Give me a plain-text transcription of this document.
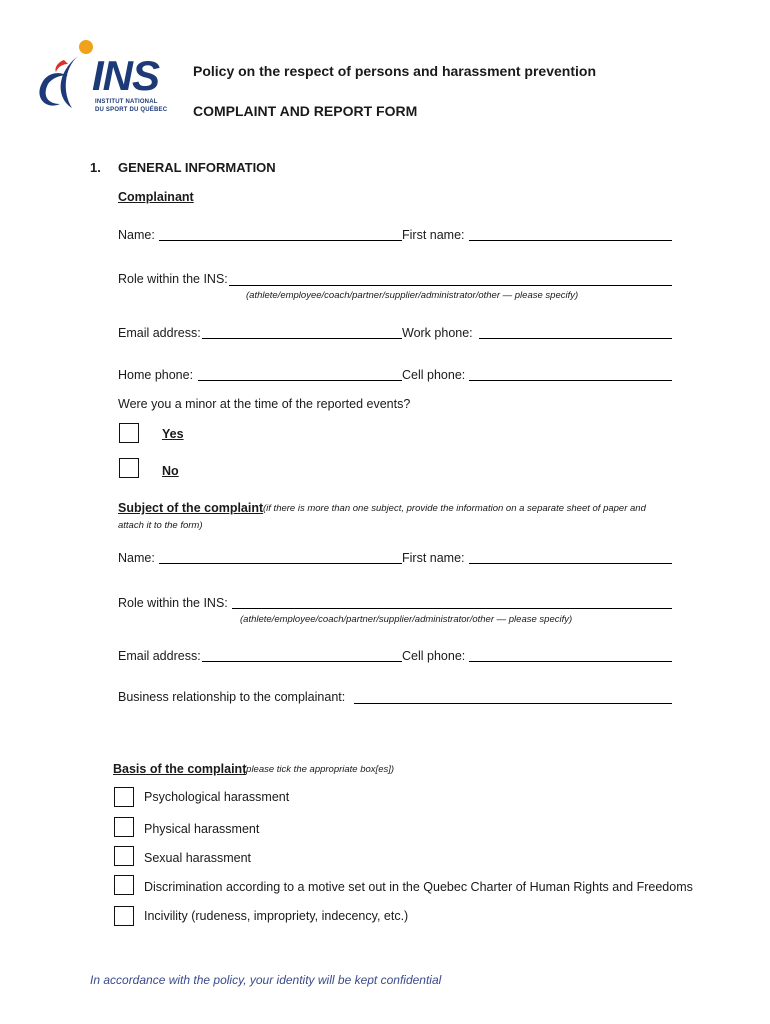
INS
INSTITUT NATIONAL
DU SPORT DU QUÉBEC
Policy on the respect of persons and harassment prevention
COMPLAINT AND REPORT FORM
1. GENERAL INFORMATION
Complainant
Name:	First name:
Role within the INS:
(athlete/employee/coach/partner/supplier/administrator/other — please specify)
Email address:	Work phone:
Home phone:	Cell phone:
Were you a minor at the time of the reported events?
Yes
No
Subject of the complaint (if there is more than one subject, provide the information on a separate sheet of paper and
attach it to the form)
Name:	First name:
Role within the INS:
(athlete/employee/coach/partner/supplier/administrator/other — please specify)
Email address:	Cell phone:
Business relationship to the complainant:
Basis of the complaint
(please tick the appropriate box[es])
Psychological harassment
Physical harassment
Sexual harassment
Discrimination according to a motive set out in the Quebec Charter of Human Rights and Freedoms
Incivility (rudeness, impropriety, indecency, etc.)
In accordance with the policy, your identity will be kept confidential
